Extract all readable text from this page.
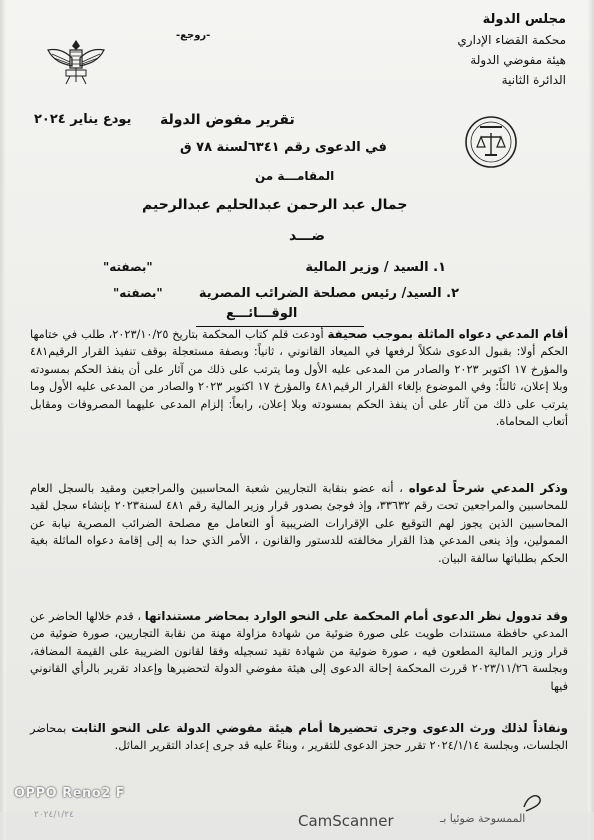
مجلس الدولة
محكمة القضاء الإداري
هيئة مفوضي الدولة
الدائرة الثانية
-روجع-
تقرير مفوض الدولة
يودع يناير ٢٠٢٤
في الدعوى رقم ٦٣٤١لسنة ٧٨ ق
المقامـــة من
جمال عبد الرحمن عبدالحليم عبدالرحيم
ضـــد
١. السيد / وزير المالية
"بصفته"
٢. السيد/ رئيس مصلحة الضرائب المصرية
"بصفته"
الوقـــائـــع
أقام المدعي دعواه الماثلة بموجب صحيفة أودعت قلم كتاب المحكمة بتاريخ ٢٠٢٣/١٠/٢٥، طلب في ختامها الحكم أولا: بقبول الدعوى شكلاً لرفعها في الميعاد القانوني ، ثانياً: وبصفة مستعجلة بوقف تنفيذ القرار الرقيم٤٨١ والمؤرخ ١٧ اكتوبر ٢٠٢٣ والصادر من المدعى عليه الأول وما يترتب على ذلك من آثار على أن ينفذ الحكم بمسودته وبلا إعلان، ثالثاً: وفي الموضوع بإلغاء القرار الرقيم٤٨١ والمؤرخ ١٧ اكتوبر ٢٠٢٣ والصادر من المدعى عليه الأول وما يترتب على ذلك من آثار على أن ينفذ الحكم بمسودته وبلا إعلان، رابعاً: إلزام المدعى عليهما المصروفات ومقابل أتعاب المحاماة.
وذكر المدعي شرحاً لدعواه ، أنه عضو بنقابة التجاريين شعبة المحاسبين والمراجعين ومقيد بالسجل العام للمحاسبين والمراجعين تحت رقم ٣٣٦٣٢، وإذ فوجئ بصدور قرار وزير المالية رقم ٤٨١ لسنة٢٠٢٣ بإنشاء سجل لقيد المحاسبين الذين يجوز لهم التوقيع على الإقرارات الضريبية أو التعامل مع مصلحة الضرائب المصرية نيابة عن الممولين، وإذ ينعى المدعي هذا القرار مخالفته للدستور والقانون ، الأمر الذي حدا به إلى إقامة دعواه الماثلة بغية الحكم بطلباتها سالفة البيان.
وقد تدوول نظر الدعوى أمام المحكمة على النحو الوارد بمحاضر مستنداتها ، قدم خلالها الحاضر عن المدعي حافظة مستندات طويت على صورة ضوئية من شهادة مزاولة مهنة من نقابة التجاريين، صورة ضوئية من قرار وزير المالية المطعون فيه ، صورة ضوئية من شهادة تقيد تسجيله وفقا لقانون الضريبة على القيمة المضافة، وبجلسة ٢٠٢٣/١١/٢٦ قررت المحكمة إحالة الدعوى إلى هيئة مفوضي الدولة لتحضيرها وإعداد تقرير بالرأي القانوني فيها
ونفاذاً لذلك ورث الدعوى وجرى تحضيرها أمام هيئة مفوضي الدولة على النحو الثابت بمحاضر الجلسات، وبجلسة ٢٠٢٤/١/١٤ تقرر حجز الدعوى للتقرير ، وبناءً عليه قد جرى إعداد التقرير الماثل.
OPPO Reno2 F
٢٠٢٤/١/٢٤	CamScanner	الممسوحة ضوئيا بـ
